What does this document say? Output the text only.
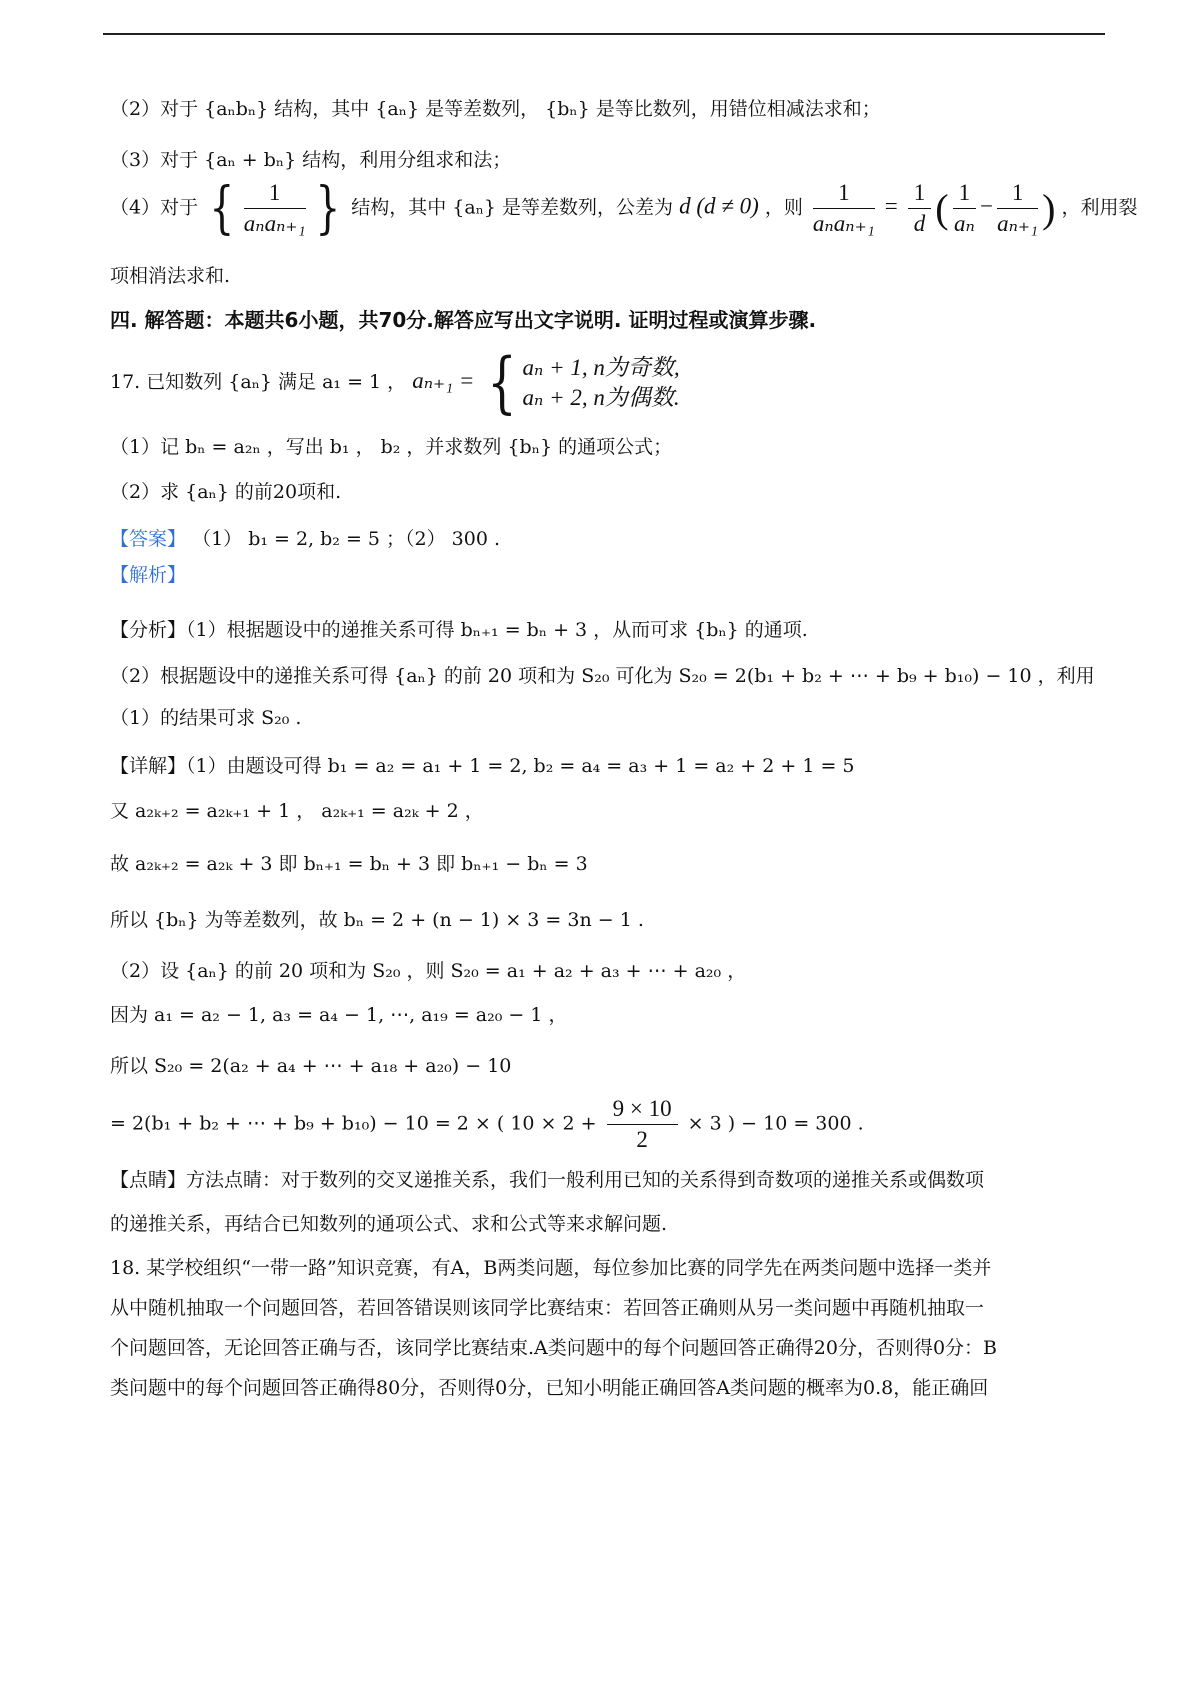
（2）对于 {aₙbₙ} 结构，其中 {aₙ} 是等差数列， {bₙ} 是等比数列，用错位相减法求和；
（3）对于 {aₙ + bₙ} 结构，利用分组求和法；
（4）对于 { $\frac{1}{\text{aₙaₙ₊₁}}$ } 结构，其中 {aₙ} 是等差数列，公差为 d (d ≠ 0) ，则 $\frac{1}{\text{aₙaₙ₊₁}} = \frac{1}{d}$ ( $\frac{1}{\text{aₙ}} - \frac{1}{\text{aₙ₊₁}}$ ) ，利用裂
项相消法求和.
四. 解答题：本题共6小题，共70分.解答应写出文字说明. 证明过程或演算步骤.
17. 已知数列 {aₙ} 满足 a₁ = 1 ， aₙ₊₁ = { aₙ + 1, n为奇数,
aₙ + 2, n为偶数.
（1）记 bₙ = a₂ₙ ，写出 b₁ ， b₂ ，并求数列 {bₙ} 的通项公式；
（2）求 {aₙ} 的前20项和.
【答案】 （1） b₁ = 2, b₂ = 5 ；（2） 300 .
【解析】
【分析】（1）根据题设中的递推关系可得 bₙ₊₁ = bₙ + 3 ，从而可求 {bₙ} 的通项.
（2）根据题设中的递推关系可得 {aₙ} 的前 20 项和为 S₂₀ 可化为 S₂₀ = 2(b₁ + b₂ + ⋯ + b₉ + b₁₀) − 10 ，利用
（1）的结果可求 S₂₀ .
【详解】（1）由题设可得 b₁ = a₂ = a₁ + 1 = 2, b₂ = a₄ = a₃ + 1 = a₂ + 2 + 1 = 5
又 a₂ₖ₊₂ = a₂ₖ₊₁ + 1 ， a₂ₖ₊₁ = a₂ₖ + 2 ，
故 a₂ₖ₊₂ = a₂ₖ + 3 即 bₙ₊₁ = bₙ + 3 即 bₙ₊₁ − bₙ = 3
所以 {bₙ} 为等差数列，故 bₙ = 2 + (n − 1) × 3 = 3n − 1 .
（2）设 {aₙ} 的前 20 项和为 S₂₀ ，则 S₂₀ = a₁ + a₂ + a₃ + ⋯ + a₂₀ ，
因为 a₁ = a₂ − 1, a₃ = a₄ − 1, ⋯, a₁₉ = a₂₀ − 1 ，
所以 S₂₀ = 2(a₂ + a₄ + ⋯ + a₁₈ + a₂₀) − 10
= 2(b₁ + b₂ + ⋯ + b₉ + b₁₀) − 10 = 2 × ( $10 \times 2 + \frac{9 \times 10}{2} \times 3$ ) − 10 = 300 .
【点睛】方法点睛：对于数列的交叉递推关系，我们一般利用已知的关系得到奇数项的递推关系或偶数项
的递推关系，再结合已知数列的通项公式、求和公式等来求解问题.
18. 某学校组织“一带一路”知识竞赛，有A，B两类问题，每位参加比赛的同学先在两类问题中选择一类并
从中随机抽取一个问题回答，若回答错误则该同学比赛结束：若回答正确则从另一类问题中再随机抽取一
个问题回答，无论回答正确与否，该同学比赛结束.A类问题中的每个问题回答正确得20分，否则得0分：B
类问题中的每个问题回答正确得80分，否则得0分，已知小明能正确回答A类问题的概率为0.8，能正确回
